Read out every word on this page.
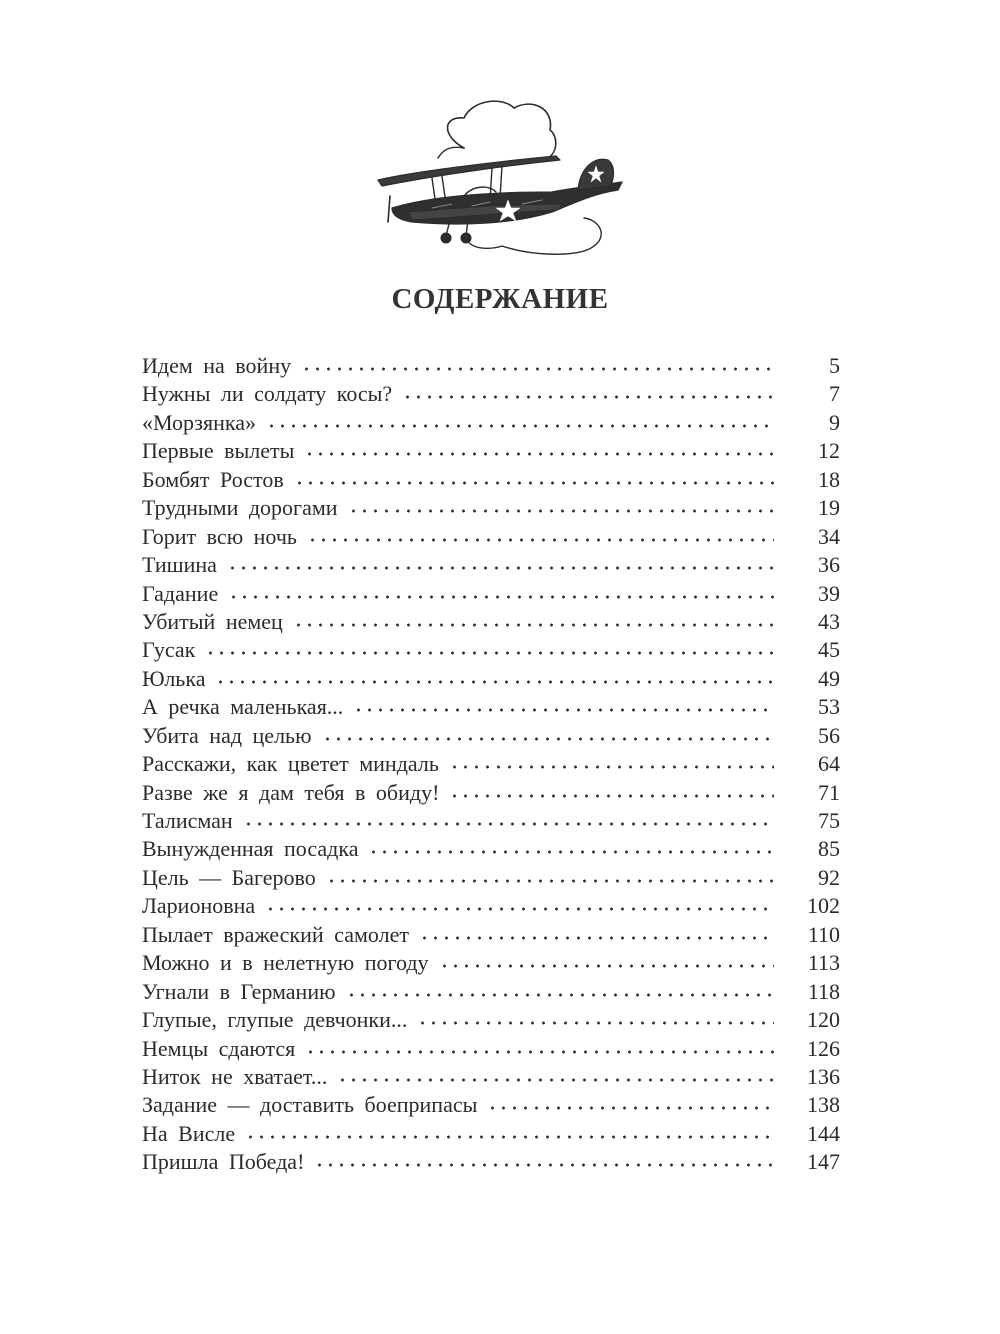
СОДЕРЖАНИЕ
Идем на войну	5
Нужны ли солдату косы?	7
«Морзянка»	9
Первые вылеты	12
Бомбят Ростов	18
Трудными дорогами	19
Горит всю ночь	34
Тишина	36
Гадание	39
Убитый немец	43
Гусак	45
Юлька	49
А речка маленькая...	53
Убита над целью	56
Расскажи, как цветет миндаль	64
Разве же я дам тебя в обиду!	71
Талисман	75
Вынужденная посадка	85
Цель — Багерово	92
Ларионовна	102
Пылает вражеский самолет	110
Можно и в нелетную погоду	113
Угнали в Германию	118
Глупые, глупые девчонки...	120
Немцы сдаются	126
Ниток не хватает...	136
Задание — доставить боеприпасы	138
На Висле	144
Пришла Победа!	147
